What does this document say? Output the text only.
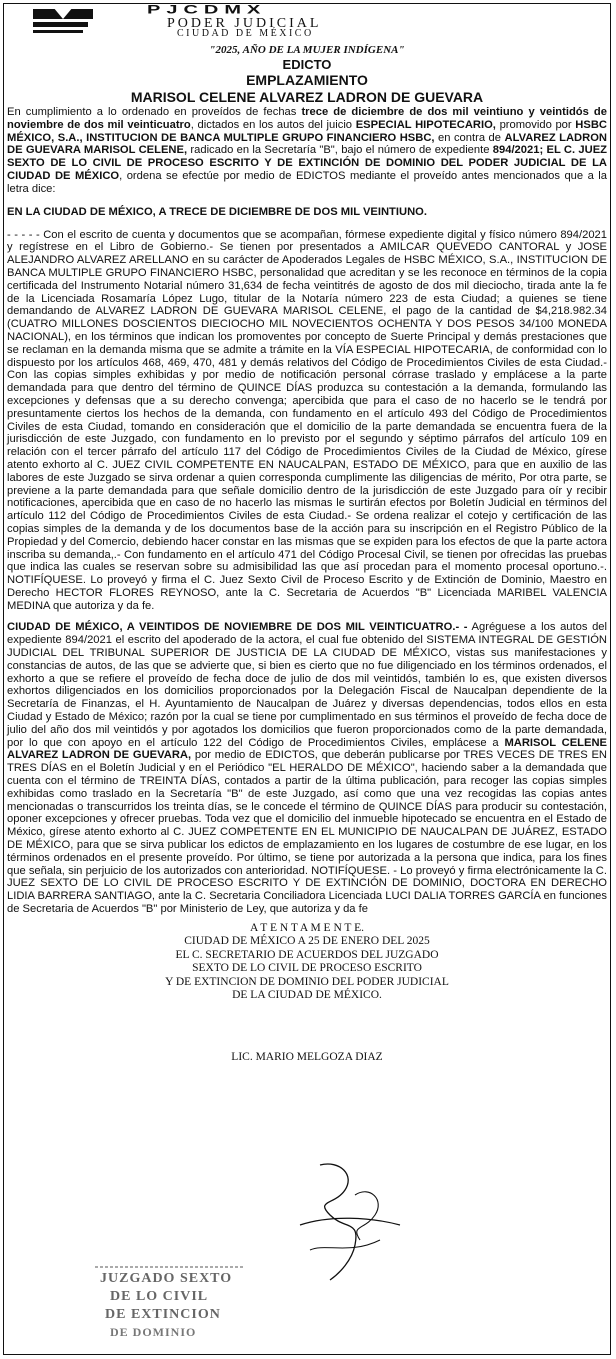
PJCDMX
PODER JUDICIAL
CIUDAD DE MÉXICO
"2025, AÑO DE LA MUJER INDÍGENA"
EDICTO
EMPLAZAMIENTO
MARISOL CELENE ALVAREZ LADRON DE GUEVARA

En cumplimiento a lo ordenado en proveídos de fechas trece de diciembre de dos mil veintiuno y veintidós de noviembre de dos mil veinticuatro, dictados en los autos del juicio ESPECIAL HIPOTECARIO, promovido por HSBC MÉXICO, S.A., INSTITUCION DE BANCA MULTIPLE GRUPO FINANCIERO HSBC, en contra de ALVAREZ LADRON DE GUEVARA MARISOL CELENE, radicado en la Secretaría "B", bajo el número de expediente 894/2021; EL C. JUEZ SEXTO DE LO CIVIL DE PROCESO ESCRITO Y DE EXTINCIÓN DE DOMINIO DEL PODER JUDICIAL DE LA CIUDAD DE MÉXICO, ordena se efectúe por medio de EDICTOS mediante el proveído antes mencionados que a la letra dice:

EN LA CIUDAD DE MÉXICO, A TRECE DE DICIEMBRE DE DOS MIL VEINTIUNO.

- - - - - Con el escrito de cuenta y documentos que se acompañan, fórmese expediente digital y físico número 894/2021 y regístrese en el Libro de Gobierno.- Se tienen por presentados a AMILCAR QUEVEDO CANTORAL y JOSE ALEJANDRO ALVAREZ ARELLANO en su carácter de Apoderados Legales de HSBC MÉXICO, S.A., INSTITUCION DE BANCA MULTIPLE GRUPO FINANCIERO HSBC, personalidad que acreditan y se les reconoce en términos de la copia certificada del Instrumento Notarial número 31,634 de fecha veintitrés de agosto de dos mil dieciocho, tirada ante la fe de la Licenciada Rosamaría López Lugo, titular de la Notaría número 223 de esta Ciudad; a quienes se tiene demandando de ALVAREZ LADRON DE GUEVARA MARISOL CELENE, el pago de la cantidad de $4,218.982.34 (CUATRO MILLONES DOSCIENTOS DIECIOCHO MIL NOVECIENTOS OCHENTA Y DOS PESOS 34/100 MONEDA NACIONAL), en los términos que indican los promoventes por concepto de Suerte Principal y demás prestaciones que se reclaman en la demanda misma que se admite a trámite en la VÍA ESPECIAL HIPOTECARIA, de conformidad con lo dispuesto por los artículos 468, 469, 470, 481 y demás relativos del Código de Procedimientos Civiles de esta Ciudad.- Con las copias simples exhibidas y por medio de notificación personal córrase traslado y emplácese a la parte demandada para que dentro del término de QUINCE DÍAS produzca su contestación a la demanda, formulando las excepciones y defensas que a su derecho convenga; apercibida que para el caso de no hacerlo se le tendrá por presuntamente ciertos los hechos de la demanda, con fundamento en el artículo 493 del Código de Procedimientos Civiles de esta Ciudad, tomando en consideración que el domicilio de la parte demandada se encuentra fuera de la jurisdicción de este Juzgado, con fundamento en lo previsto por el segundo y séptimo párrafos del artículo 109 en relación con el tercer párrafo del artículo 117 del Código de Procedimientos Civiles de la Ciudad de México, gírese atento exhorto al C. JUEZ CIVIL COMPETENTE EN NAUCALPAN, ESTADO DE MÉXICO, para que en auxilio de las labores de este Juzgado se sirva ordenar a quien corresponda cumplimente las diligencias de mérito, Por otra parte, se previene a la parte demandada para que señale domicilio dentro de la jurisdicción de este Juzgado para oír y recibir notificaciones, apercibida que en caso de no hacerlo las mismas le surtirán efectos por Boletín Judicial en términos del artículo 112 del Código de Procedimientos Civiles de esta Ciudad.- Se ordena realizar el cotejo y certificación de las copias simples de la demanda y de los documentos base de la acción para su inscripción en el Registro Público de la Propiedad y del Comercio, debiendo hacer constar en las mismas que se expiden para los efectos de que la parte actora inscriba su demanda,.- Con fundamento en el artículo 471 del Código Procesal Civil, se tienen por ofrecidas las pruebas que indica las cuales se reservan sobre su admisibilidad las que así procedan para el momento procesal oportuno.-. NOTIFÍQUESE. Lo proveyó y firma el C. Juez Sexto Civil de Proceso Escrito y de Extinción de Dominio, Maestro en Derecho HECTOR FLORES REYNOSO, ante la C. Secretaria de Acuerdos "B" Licenciada MARIBEL VALENCIA MEDINA que autoriza y da fe.

CIUDAD DE MÉXICO, A VEINTIDOS DE NOVIEMBRE DE DOS MIL VEINTICUATRO.- - Agréguese a los autos del expediente 894/2021 el escrito del apoderado de la actora, el cual fue obtenido del SISTEMA INTEGRAL DE GESTIÓN JUDICIAL DEL TRIBUNAL SUPERIOR DE JUSTICIA DE LA CIUDAD DE MÉXICO, vistas sus manifestaciones y constancias de autos, de las que se advierte que, si bien es cierto que no fue diligenciado en los términos ordenados, el exhorto a que se refiere el proveído de fecha doce de julio de dos mil veintidós, también lo es, que existen diversos exhortos diligenciados en los domicilios proporcionados por la Delegación Fiscal de Naucalpan dependiente de la Secretaría de Finanzas, el H. Ayuntamiento de Naucalpan de Juárez y diversas dependencias, todos ellos en esta Ciudad y Estado de México; razón por la cual se tiene por cumplimentado en sus términos el proveído de fecha doce de julio del año dos mil veintidós y por agotados los domicilios que fueron proporcionados como de la parte demandada, por lo que con apoyo en el artículo 122 del Código de Procedimientos Civiles, emplácese a MARISOL CELENE ALVAREZ LADRON DE GUEVARA, por medio de EDICTOS, que deberán publicarse por TRES VECES DE TRES EN TRES DÍAS en el Boletín Judicial y en el Periódico "EL HERALDO DE MÉXICO", haciendo saber a la demandada que cuenta con el término de TREINTA DÍAS, contados a partir de la última publicación, para recoger las copias simples exhibidas como traslado en la Secretaría "B" de este Juzgado, así como que una vez recogidas las copias antes mencionadas o transcurridos los treinta días, se le concede el término de QUINCE DÍAS para producir su contestación, oponer excepciones y ofrecer pruebas. Toda vez que el domicilio del inmueble hipotecado se encuentra en el Estado de México, gírese atento exhorto al C. JUEZ COMPETENTE EN EL MUNICIPIO DE NAUCALPAN DE JUÁREZ, ESTADO DE MÉXICO, para que se sirva publicar los edictos de emplazamiento en los lugares de costumbre de ese lugar, en los términos ordenados en el presente proveído. Por último, se tiene por autorizada a la persona que indica, para los fines que señala, sin perjuicio de los autorizados con anterioridad. NOTIFÍQUESE. - Lo proveyó y firma electrónicamente la C. JUEZ SEXTO DE LO CIVIL DE PROCESO ESCRITO Y DE EXTINCIÓN DE DOMINIO, DOCTORA EN DERECHO LIDIA BARRERA SANTIAGO, ante la C. Secretaria Conciliadora Licenciada LUCI DALIA TORRES GARCÍA en funciones de Secretaria de Acuerdos "B" por Ministerio de Ley, que autoriza y da fe

A T E N T A M E N T E.
CIUDAD DE MÉXICO A 25 DE ENERO DEL 2025
EL C. SECRETARIO DE ACUERDOS DEL JUZGADO
SEXTO DE LO CIVIL DE PROCESO ESCRITO
Y DE EXTINCION DE DOMINIO DEL PODER JUDICIAL
DE LA CIUDAD DE MÉXICO.
LIC. MARIO MELGOZA DIAZ
JUZGADO SEXTO
DE LO CIVIL
DE EXTINCION
DE DOMINIO
